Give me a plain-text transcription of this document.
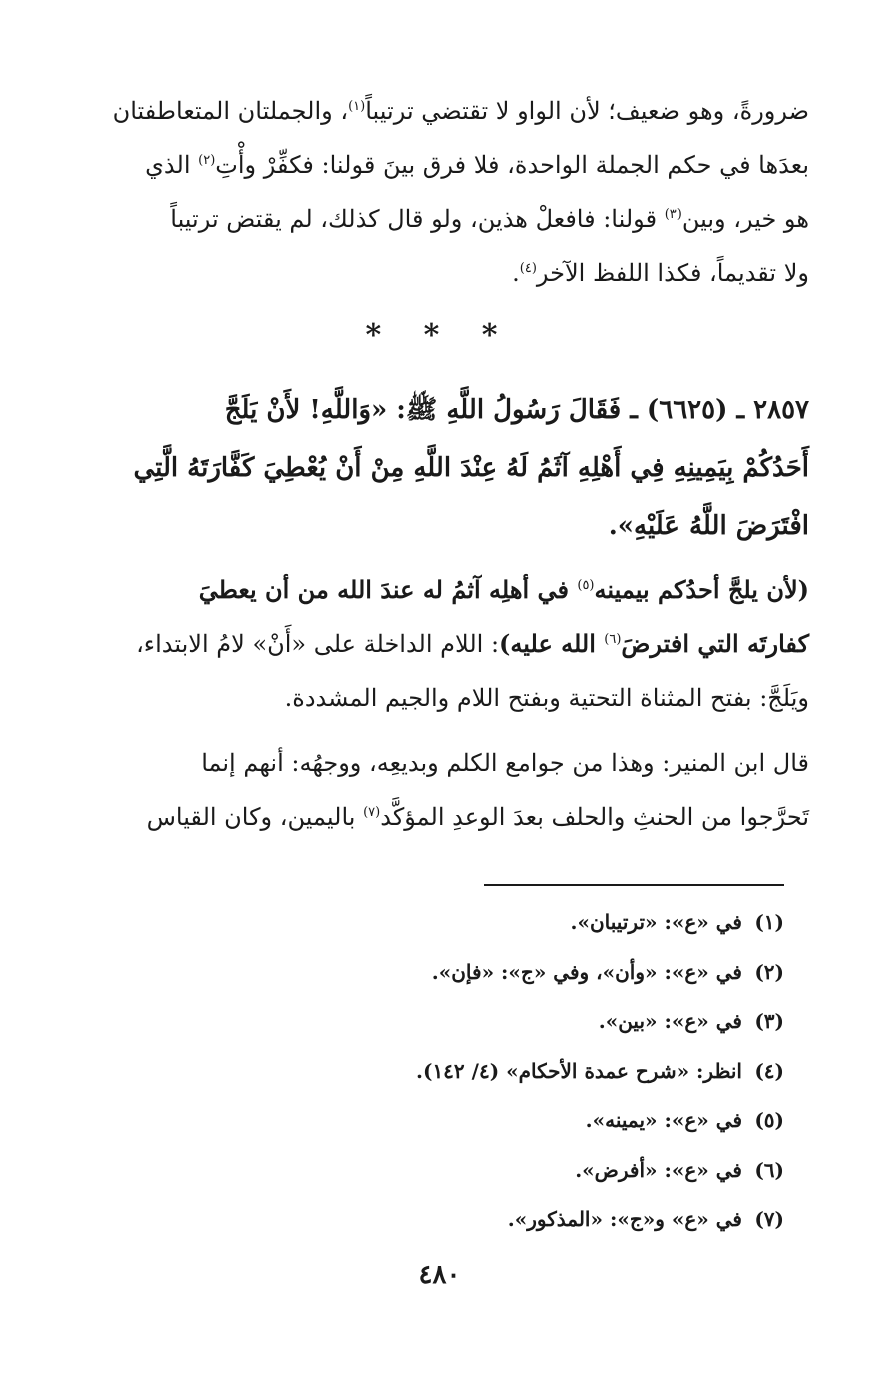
ضرورةً، وهو ضعيف؛ لأن الواو لا تقتضي ترتيباً$^{(١)}$، والجملتان المتعاطفتان
بعدَها في حكم الجملة الواحدة، فلا فرق بينَ قولنا: فكفِّرْ وأْتِ$^{(٢)}$ الذي
هو خير، وبين$^{(٣)}$ قولنا: فافعلْ هذين، ولو قال كذلك، لم يقتض ترتيباً
ولا تقديماً، فكذا اللفظ الآخر$^{(٤)}$.

* * *

٢٨٥٧ ـ (٦٦٢٥) ـ فَقَالَ رَسُولُ اللَّهِ ﷺ: «وَاللَّهِ! لأَنْ يَلَجَّ
أَحَدُكُمْ بِيَمِينِهِ فِي أَهْلِهِ آثَمُ لَهُ عِنْدَ اللَّهِ مِنْ أَنْ يُعْطِيَ كَفَّارَتَهُ الَّتِي
افْتَرَضَ اللَّهُ عَلَيْهِ».

(لأن يلجَّ أحدُكم بيمينه$^{(٥)}$ في أهلِه آثمُ له عندَ الله من أن يعطيَ
كفارتَه التي افترضَ$^{(٦)}$ الله عليه): اللام الداخلة على «أَنْ» لامُ الابتداء،
ويَلَجَّ: بفتح المثناة التحتية وبفتح اللام والجيم المشددة.

قال ابن المنير: وهذا من جوامع الكلم وبديعِه، ووجهُه: أنهم إنما
تَحرَّجوا من الحنثِ والحلف بعدَ الوعدِ المؤكَّد$^{(٧)}$ باليمين، وكان القياس

(١)في «ع»: «ترتيبان».
(٢)في «ع»: «وأن»، وفي «ج»: «فإن».
(٣)في «ع»: «بين».
(٤)انظر: «شرح عمدة الأحكام» (٤/ ١٤٢).
(٥)في «ع»: «يمينه».
(٦)في «ع»: «أفرض».
(٧)في «ع» و«ج»: «المذكور».
٤٨٠
